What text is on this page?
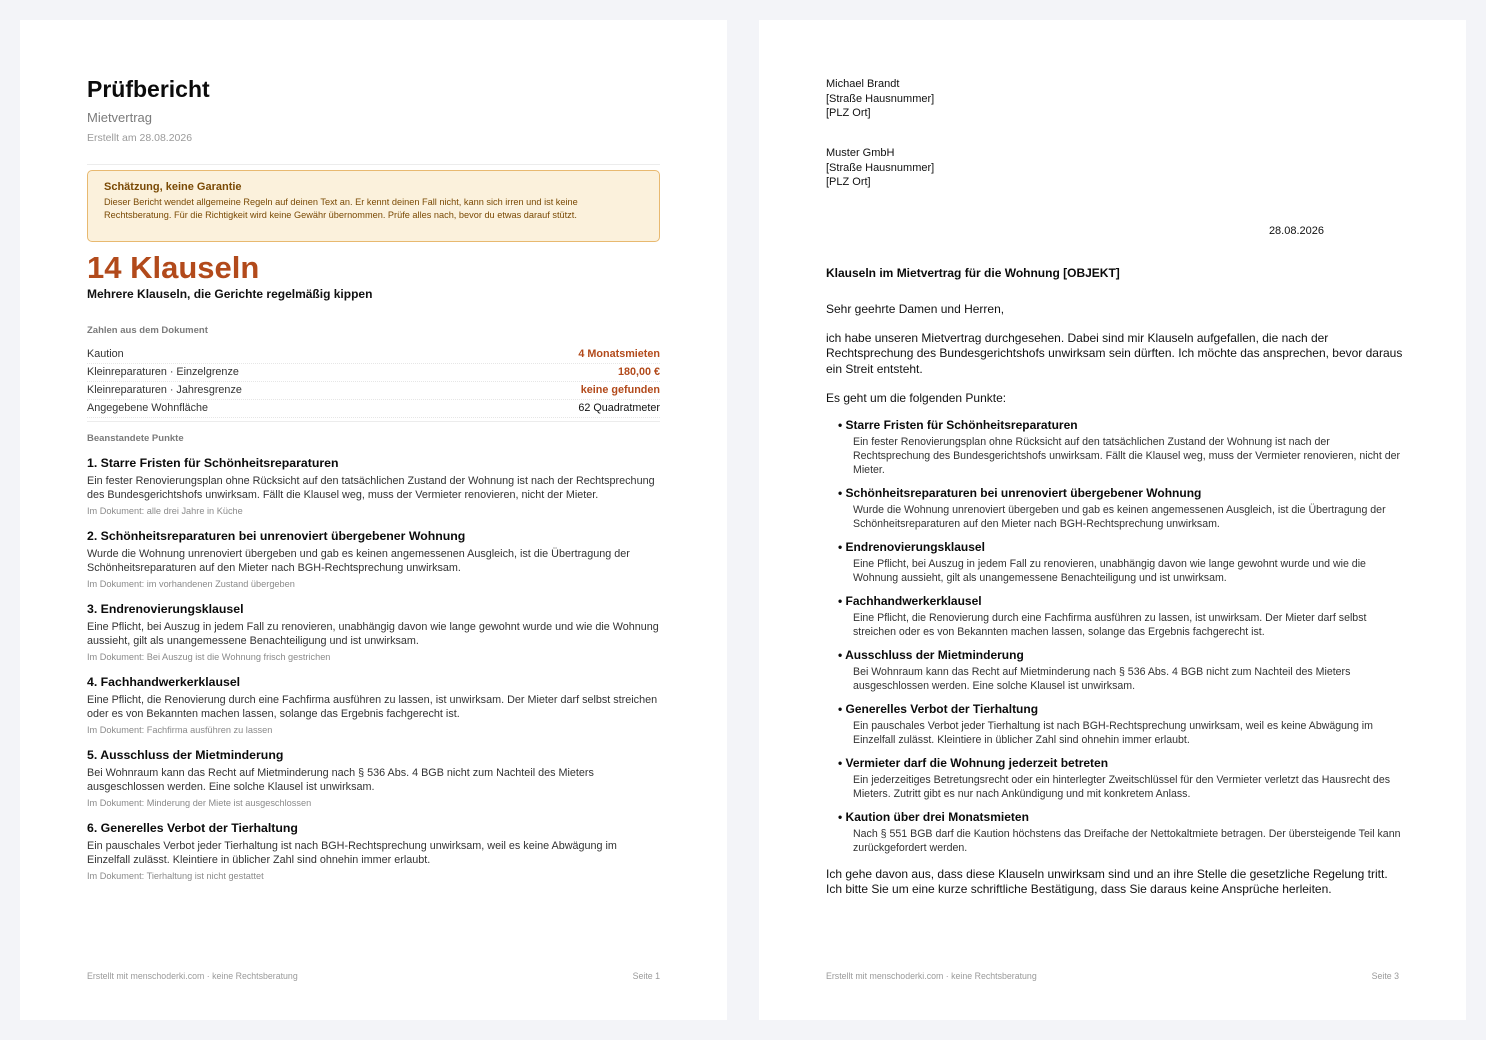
Prüfbericht
Mietvertrag
Erstellt am 28.08.2026
Schätzung, keine Garantie
Dieser Bericht wendet allgemeine Regeln auf deinen Text an. Er kennt deinen Fall nicht, kann sich irren und ist keine Rechtsberatung. Für die Richtigkeit wird keine Gewähr übernommen. Prüfe alles nach, bevor du etwas darauf stützt.
14 Klauseln
Mehrere Klauseln, die Gerichte regelmäßig kippen
Zahlen aus dem Dokument
Kaution	4 Monatsmieten
Kleinreparaturen · Einzelgrenze	180,00 €
Kleinreparaturen · Jahresgrenze	keine gefunden
Angegebene Wohnfläche	62 Quadratmeter
Beanstandete Punkte
1. Starre Fristen für Schönheitsreparaturen
Ein fester Renovierungsplan ohne Rücksicht auf den tatsächlichen Zustand der Wohnung ist nach der Rechtsprechung des Bundesgerichtshofs unwirksam. Fällt die Klausel weg, muss der Vermieter renovieren, nicht der Mieter.
Im Dokument: alle drei Jahre in Küche
2. Schönheitsreparaturen bei unrenoviert übergebener Wohnung
Wurde die Wohnung unrenoviert übergeben und gab es keinen angemessenen Ausgleich, ist die Übertragung der Schönheitsreparaturen auf den Mieter nach BGH-Rechtsprechung unwirksam.
Im Dokument: im vorhandenen Zustand übergeben
3. Endrenovierungsklausel
Eine Pflicht, bei Auszug in jedem Fall zu renovieren, unabhängig davon wie lange gewohnt wurde und wie die Wohnung aussieht, gilt als unangemessene Benachteiligung und ist unwirksam.
Im Dokument: Bei Auszug ist die Wohnung frisch gestrichen
4. Fachhandwerkerklausel
Eine Pflicht, die Renovierung durch eine Fachfirma ausführen zu lassen, ist unwirksam. Der Mieter darf selbst streichen oder es von Bekannten machen lassen, solange das Ergebnis fachgerecht ist.
Im Dokument: Fachfirma ausführen zu lassen
5. Ausschluss der Mietminderung
Bei Wohnraum kann das Recht auf Mietminderung nach § 536 Abs. 4 BGB nicht zum Nachteil des Mieters ausgeschlossen werden. Eine solche Klausel ist unwirksam.
Im Dokument: Minderung der Miete ist ausgeschlossen
6. Generelles Verbot der Tierhaltung
Ein pauschales Verbot jeder Tierhaltung ist nach BGH-Rechtsprechung unwirksam, weil es keine Abwägung im Einzelfall zulässt. Kleintiere in üblicher Zahl sind ohnehin immer erlaubt.
Im Dokument: Tierhaltung ist nicht gestattet
Erstellt mit menschoderki.com · keine Rechtsberatung	Seite 1
Michael Brandt
[Straße Hausnummer]
[PLZ Ort]
Muster GmbH
[Straße Hausnummer]
[PLZ Ort]
28.08.2026
Klauseln im Mietvertrag für die Wohnung [OBJEKT]
Sehr geehrte Damen und Herren,
ich habe unseren Mietvertrag durchgesehen. Dabei sind mir Klauseln aufgefallen, die nach der Rechtsprechung des Bundesgerichtshofs unwirksam sein dürften. Ich möchte das ansprechen, bevor daraus ein Streit entsteht.
Es geht um die folgenden Punkte:
• Starre Fristen für Schönheitsreparaturen
Ein fester Renovierungsplan ohne Rücksicht auf den tatsächlichen Zustand der Wohnung ist nach der Rechtsprechung des Bundesgerichtshofs unwirksam. Fällt die Klausel weg, muss der Vermieter renovieren, nicht der Mieter.
• Schönheitsreparaturen bei unrenoviert übergebener Wohnung
Wurde die Wohnung unrenoviert übergeben und gab es keinen angemessenen Ausgleich, ist die Übertragung der Schönheitsreparaturen auf den Mieter nach BGH-Rechtsprechung unwirksam.
• Endrenovierungsklausel
Eine Pflicht, bei Auszug in jedem Fall zu renovieren, unabhängig davon wie lange gewohnt wurde und wie die Wohnung aussieht, gilt als unangemessene Benachteiligung und ist unwirksam.
• Fachhandwerkerklausel
Eine Pflicht, die Renovierung durch eine Fachfirma ausführen zu lassen, ist unwirksam. Der Mieter darf selbst streichen oder es von Bekannten machen lassen, solange das Ergebnis fachgerecht ist.
• Ausschluss der Mietminderung
Bei Wohnraum kann das Recht auf Mietminderung nach § 536 Abs. 4 BGB nicht zum Nachteil des Mieters ausgeschlossen werden. Eine solche Klausel ist unwirksam.
• Generelles Verbot der Tierhaltung
Ein pauschales Verbot jeder Tierhaltung ist nach BGH-Rechtsprechung unwirksam, weil es keine Abwägung im Einzelfall zulässt. Kleintiere in üblicher Zahl sind ohnehin immer erlaubt.
• Vermieter darf die Wohnung jederzeit betreten
Ein jederzeitiges Betretungsrecht oder ein hinterlegter Zweitschlüssel für den Vermieter verletzt das Hausrecht des Mieters. Zutritt gibt es nur nach Ankündigung und mit konkretem Anlass.
• Kaution über drei Monatsmieten
Nach § 551 BGB darf die Kaution höchstens das Dreifache der Nettokaltmiete betragen. Der übersteigende Teil kann zurückgefordert werden.
Ich gehe davon aus, dass diese Klauseln unwirksam sind und an ihre Stelle die gesetzliche Regelung tritt. Ich bitte Sie um eine kurze schriftliche Bestätigung, dass Sie daraus keine Ansprüche herleiten.
Erstellt mit menschoderki.com · keine Rechtsberatung	Seite 3
